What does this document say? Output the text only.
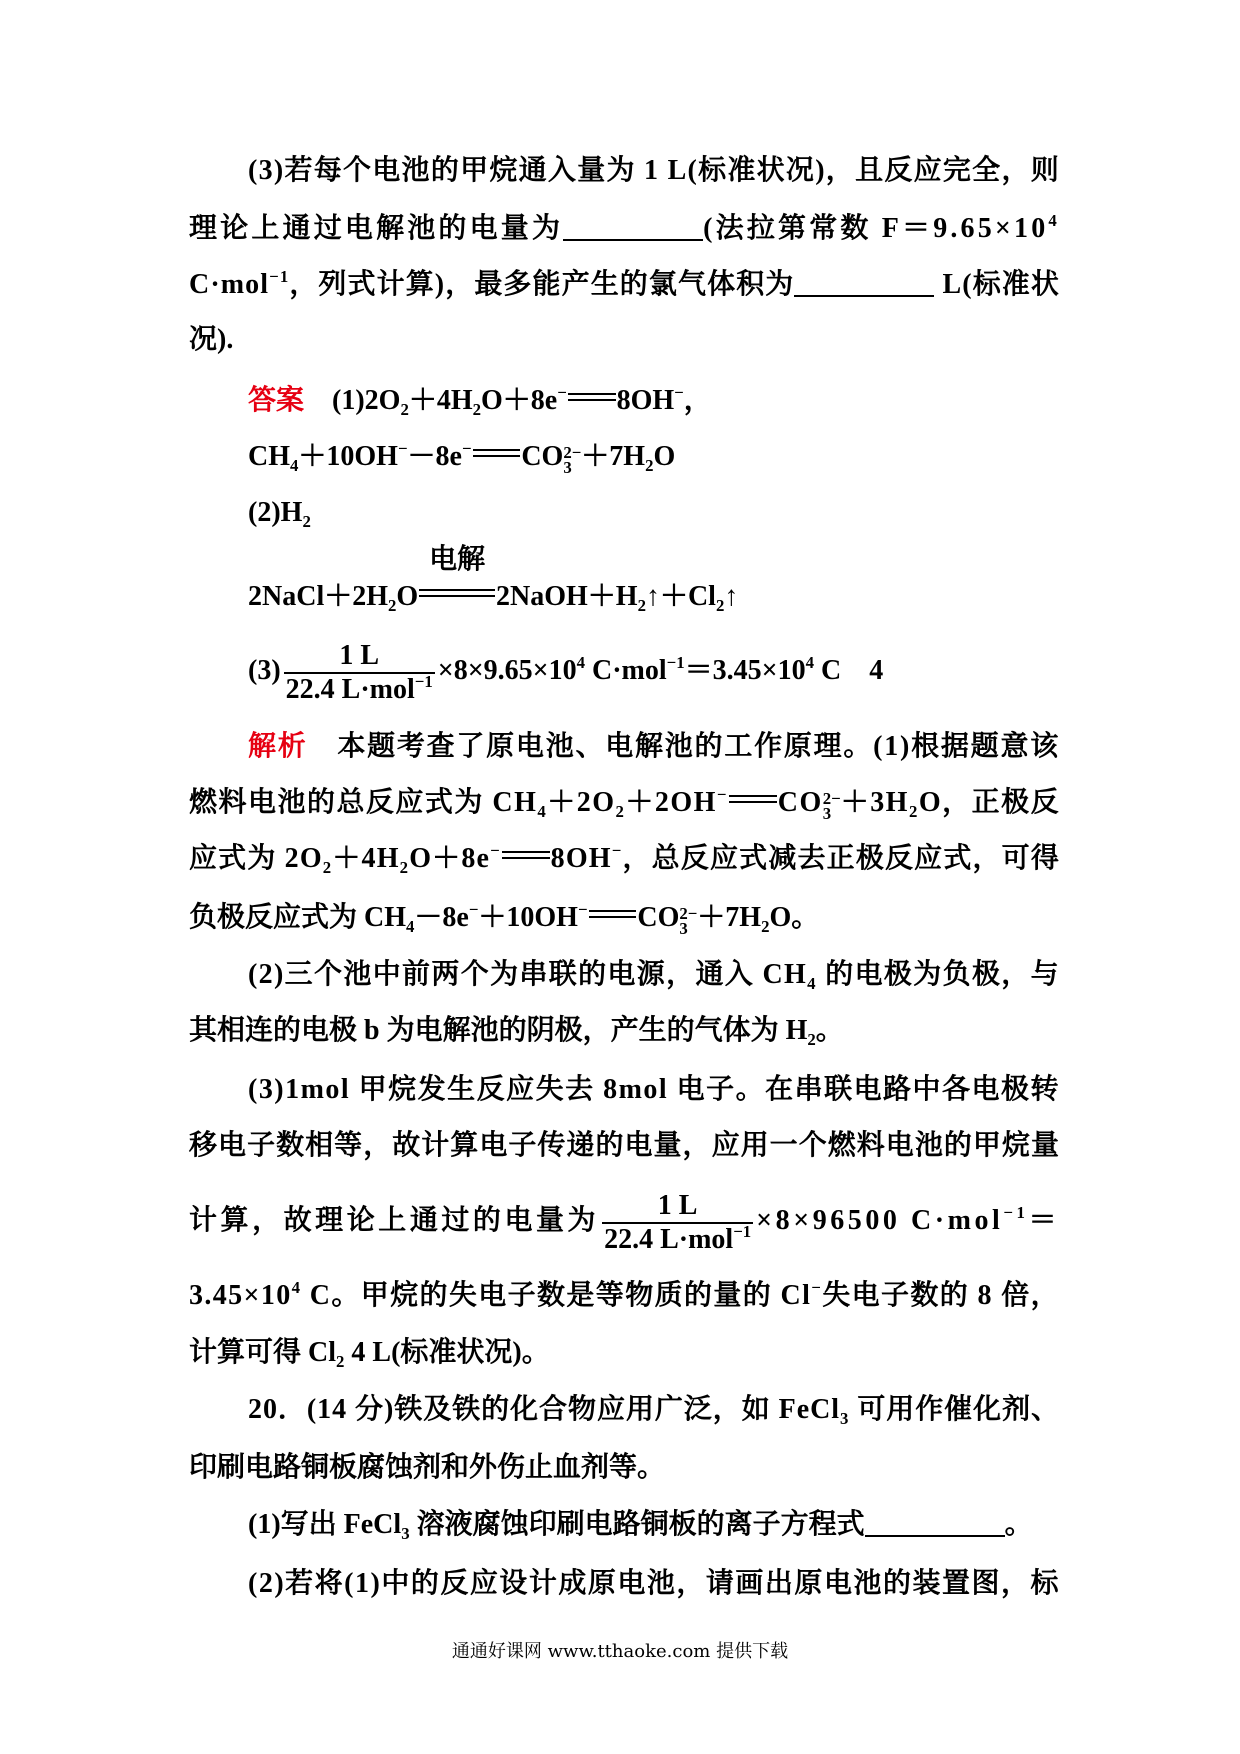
(3)若每个电池的甲烷通入量为 1 L(标准状况)，且反应完全，则
理论上通过电解池的电量为	(法拉第常数 $F=9.65\times 10^4$
C·mol$^{-1}$，列式计算)，最多能产生的氯气体积为	L(标准状
况).
答案　$(1)2O_2+4H_2O+8e^-$ 8OH−，
$CH_4+10OH^--8e^-$ CO 2−
$3 +7H_2O$
$(2)H_2$
$2NaCl+2H_2O$
电解
$2NaOH+H_2↑+Cl_2↑$
$(3) \frac{1 L}{22.4 L\cdot mol^{-1}} \times 8\times 9.65\times 10^4$ $C\cdot mol^{-1}=3.45\times 10^4$ C　4
解析　本题考查了原电池、电解池的工作原理。(1)根据题意该
燃料电池的总反应式为 $CH_4+2O_2+2OH^-$ CO 2−
$3 +3H_2O$，正极反
应式为 $2O_2+4H_2O+8e^-$ 8OH−，总反应式减去正极反应式，可得
负极反应式为 $CH_4-8e^-+10OH^-$ CO 2−
$3 +7H_2O$。
(2)三个池中前两个为串联的电源，通入 $CH_4$ 的电极为负极，与
其相连的电极 b 为电解池的阴极，产生的气体为 $H_2$。
(3)1mol 甲烷发生反应失去 8mol 电子。在串联电路中各电极转
移电子数相等，故计算电子传递的电量，应用一个燃料电池的甲烷量
计算，故理论上通过的电量为 $\frac{1 L}{22.4 L\cdot mol^{-1}} \times 8\times 96500$ C·mol$^{-1}$＝
$3.45\times 10^4$ C。甲烷的失电子数是等物质的量的 Cl−失电子数的 8 倍，
计算可得 $Cl_2$ 4 L(标准状况)。
20．(14 分)铁及铁的化合物应用广泛，如 FeCl$_3$ 可用作催化剂、
印刷电路铜板腐蚀剂和外伤止血剂等。
(1)写出 FeCl$_3$ 溶液腐蚀印刷电路铜板的离子方程式	。
(2)若将(1)中的反应设计成原电池，请画出原电池的装置图，标
通通好课网 www.tthaoke.com 提供下载
